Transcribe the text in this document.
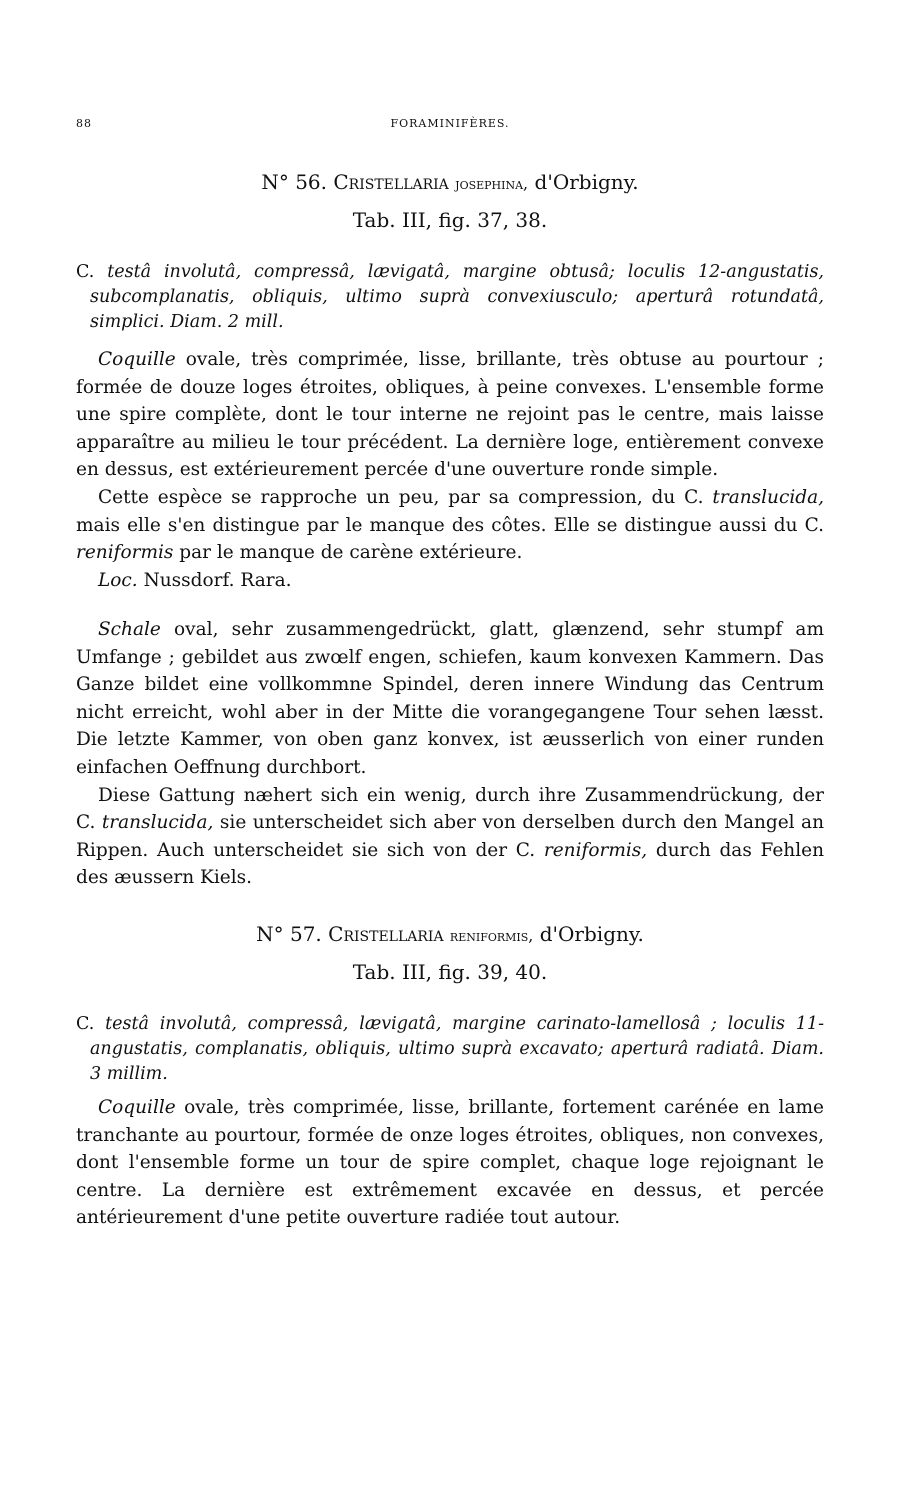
88	FORAMINIFÈRES.
N° 56. Cristellaria josephina, d'Orbigny.
Tab. III, fig. 37, 38.
C. testâ involutâ, compressâ, lævigatâ, margine obtusâ; loculis 12-angustatis, subcomplanatis, obliquis, ultimo suprà convexiusculo; aperturâ rotundatâ, simplici. Diam. 2 mill.

Coquille ovale, très comprimée, lisse, brillante, très obtuse au pourtour ; formée de douze loges étroites, obliques, à peine convexes. L'ensemble forme une spire complète, dont le tour interne ne rejoint pas le centre, mais laisse apparaître au milieu le tour précédent. La dernière loge, entièrement convexe en dessus, est extérieurement percée d'une ouverture ronde simple.

Cette espèce se rapproche un peu, par sa compression, du C. translucida, mais elle s'en distingue par le manque des côtes. Elle se distingue aussi du C. reniformis par le manque de carène extérieure.

Loc. Nussdorf. Rara.

Schale oval, sehr zusammengedrückt, glatt, glænzend, sehr stumpf am Umfange ; gebildet aus zwœlf engen, schiefen, kaum konvexen Kammern. Das Ganze bildet eine vollkommne Spindel, deren innere Windung das Centrum nicht erreicht, wohl aber in der Mitte die vorangegangene Tour sehen læsst. Die letzte Kammer, von oben ganz konvex, ist æusserlich von einer runden einfachen Oeffnung durchbort.

Diese Gattung næhert sich ein wenig, durch ihre Zusammendrückung, der C. translucida, sie unterscheidet sich aber von derselben durch den Mangel an Rippen. Auch unterscheidet sie sich von der C. reniformis, durch das Fehlen des æussern Kiels.

N° 57. Cristellaria reniformis, d'Orbigny.
Tab. III, fig. 39, 40.
C. testâ involutâ, compressâ, lævigatâ, margine carinato-lamellosâ ; loculis 11-angustatis, complanatis, obliquis, ultimo suprà excavato; aperturâ radiatâ. Diam. 3 millim.

Coquille ovale, très comprimée, lisse, brillante, fortement carénée en lame tranchante au pourtour, formée de onze loges étroites, obliques, non convexes, dont l'ensemble forme un tour de spire complet, chaque loge rejoignant le centre. La dernière est extrêmement excavée en dessus, et percée antérieurement d'une petite ouverture radiée tout autour.
